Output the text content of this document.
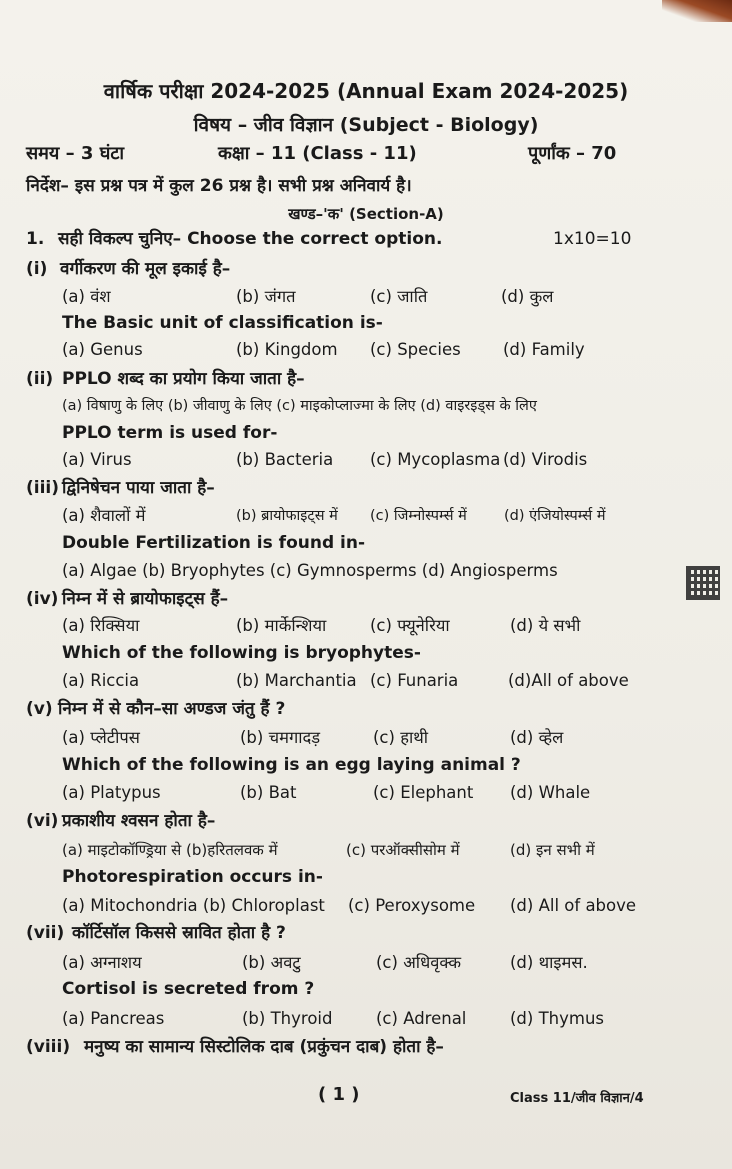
वार्षिक परीक्षा 2024-2025 (Annual Exam 2024-2025)
विषय – जीव विज्ञान (Subject - Biology)
समय – 3 घंटा	कक्षा – 11 (Class - 11)	पूर्णांक – 70
निर्देश– इस प्रश्न पत्र में कुल 26 प्रश्न है। सभी प्रश्न अनिवार्य है।
खण्ड–'क' (Section-A)
1. सही विकल्प चुनिए– Choose the correct option.	1x10=10
(i) वर्गीकरण की मूल इकाई है–
(a) वंश	(b) जंगत	(c) जाति	(d) कुल
The Basic unit of classification is-
(a) Genus	(b) Kingdom (c) Species	(d) Family
(ii) PPLO शब्द का प्रयोग किया जाता है–
(a) विषाणु के लिए (b) जीवाणु के लिए (c) माइकोप्लाज्मा के लिए (d) वाइरइड्स के लिए
PPLO term is used for-
(a) Virus	(b) Bacteria (c) Mycoplasma (d) Virodis
(iii) द्विनिषेचन पाया जाता है–
(a) शैवालों में	(b) ब्रायोफाइट्स में (c) जिम्नोस्पर्म्स में	(d) एंजियोस्पर्म्स में
Double Fertilization is found in-
(a) Algae (b) Bryophytes (c) Gymnosperms (d) Angiosperms
(iv) निम्न में से ब्रायोफाइट्स हैं–
(a) रिक्सिया	(b) मार्केन्शिया	(c) फ्यूनेरिया	(d) ये सभी
Which of the following is bryophytes-
(a) Riccia	(b) Marchantia (c) Funaria	(d)All of above
(v) निम्न में से कौन–सा अण्डज जंतु हैं ?
(a) प्लेटीपस	(b) चमगादड़	(c) हाथी	(d) व्हेल
Which of the following is an egg laying animal ?
(a) Platypus	(b) Bat	(c) Elephant (d) Whale
(vi) प्रकाशीय श्वसन होता है–
(a) माइटोकॉण्ड्रिया से (b)हरितलवक में	(c) परऑक्सीसोम में	(d) इन सभी में
Photorespiration occurs in-
(a) Mitochondria (b) Chloroplast (c) Peroxysome (d) All of above
(vii) कॉर्टिसॉल किससे स्रावित होता है ?
(a) अग्नाशय	(b) अवटु	(c) अधिवृक्क	(d) थाइमस.
Cortisol is secreted from ?
(a) Pancreas	(b) Thyroid	(c) Adrenal	(d) Thymus
(viii) मनुष्य का सामान्य सिस्टोलिक दाब (प्रकुंचन दाब) होता है–
( 1 )	Class 11/जीव विज्ञान/4
